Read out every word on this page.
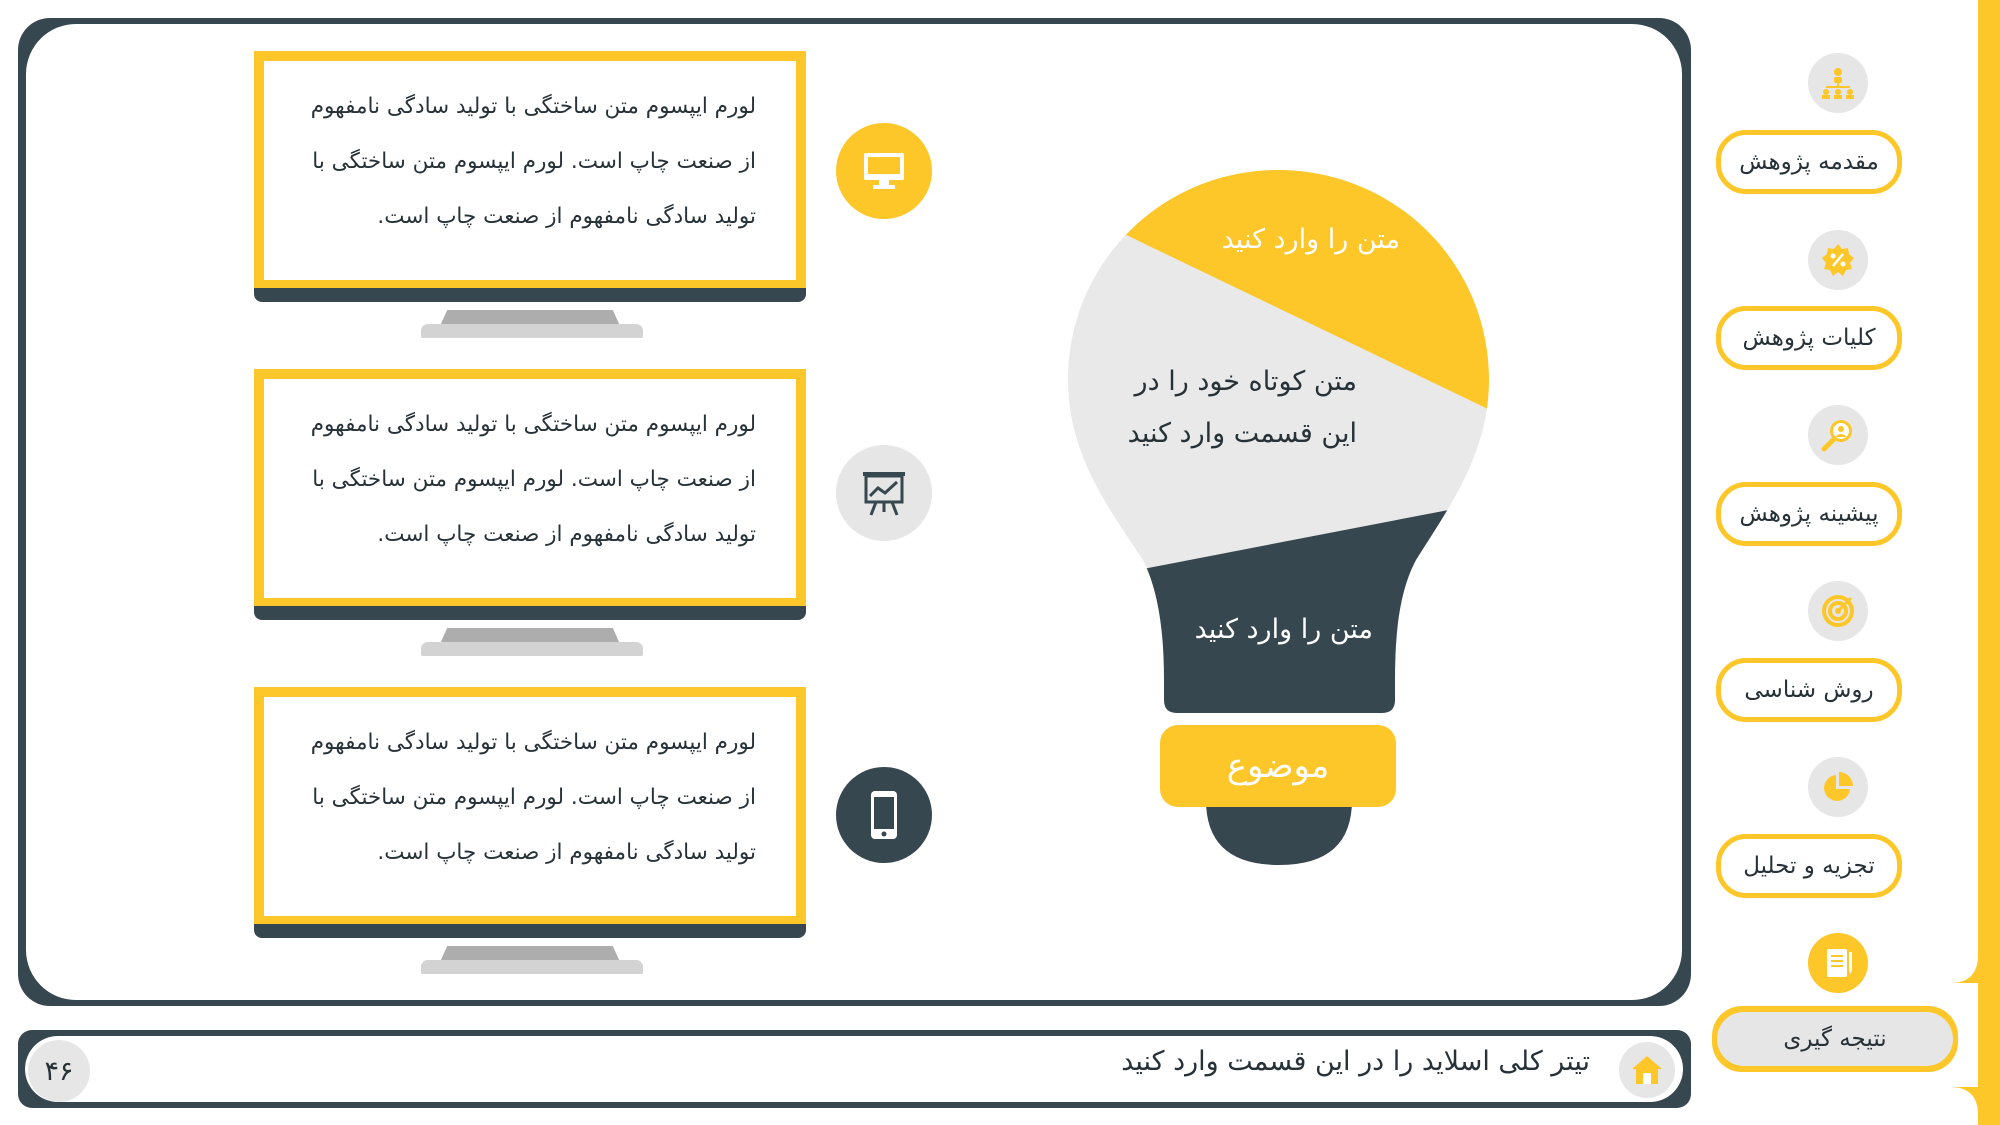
لورم ایپسوم متن ساختگی با تولید سادگی نامفهوم
از صنعت چاپ است. لورم ایپسوم متن ساختگی با
تولید سادگی نامفهوم از صنعت چاپ است.
لورم ایپسوم متن ساختگی با تولید سادگی نامفهوم
از صنعت چاپ است. لورم ایپسوم متن ساختگی با
تولید سادگی نامفهوم از صنعت چاپ است.
لورم ایپسوم متن ساختگی با تولید سادگی نامفهوم
از صنعت چاپ است. لورم ایپسوم متن ساختگی با
تولید سادگی نامفهوم از صنعت چاپ است.
متن را وارد کنید
متن کوتاه خود را در
این قسمت وارد کنید
متن را وارد کنید
موضوع
تیتر کلی اسلاید را در این قسمت وارد کنید
۴۶
مقدمه پژوهش
کلیات پژوهش
پیشینه پژوهش
روش شناسی
تجزیه و تحلیل
نتیجه گیری
